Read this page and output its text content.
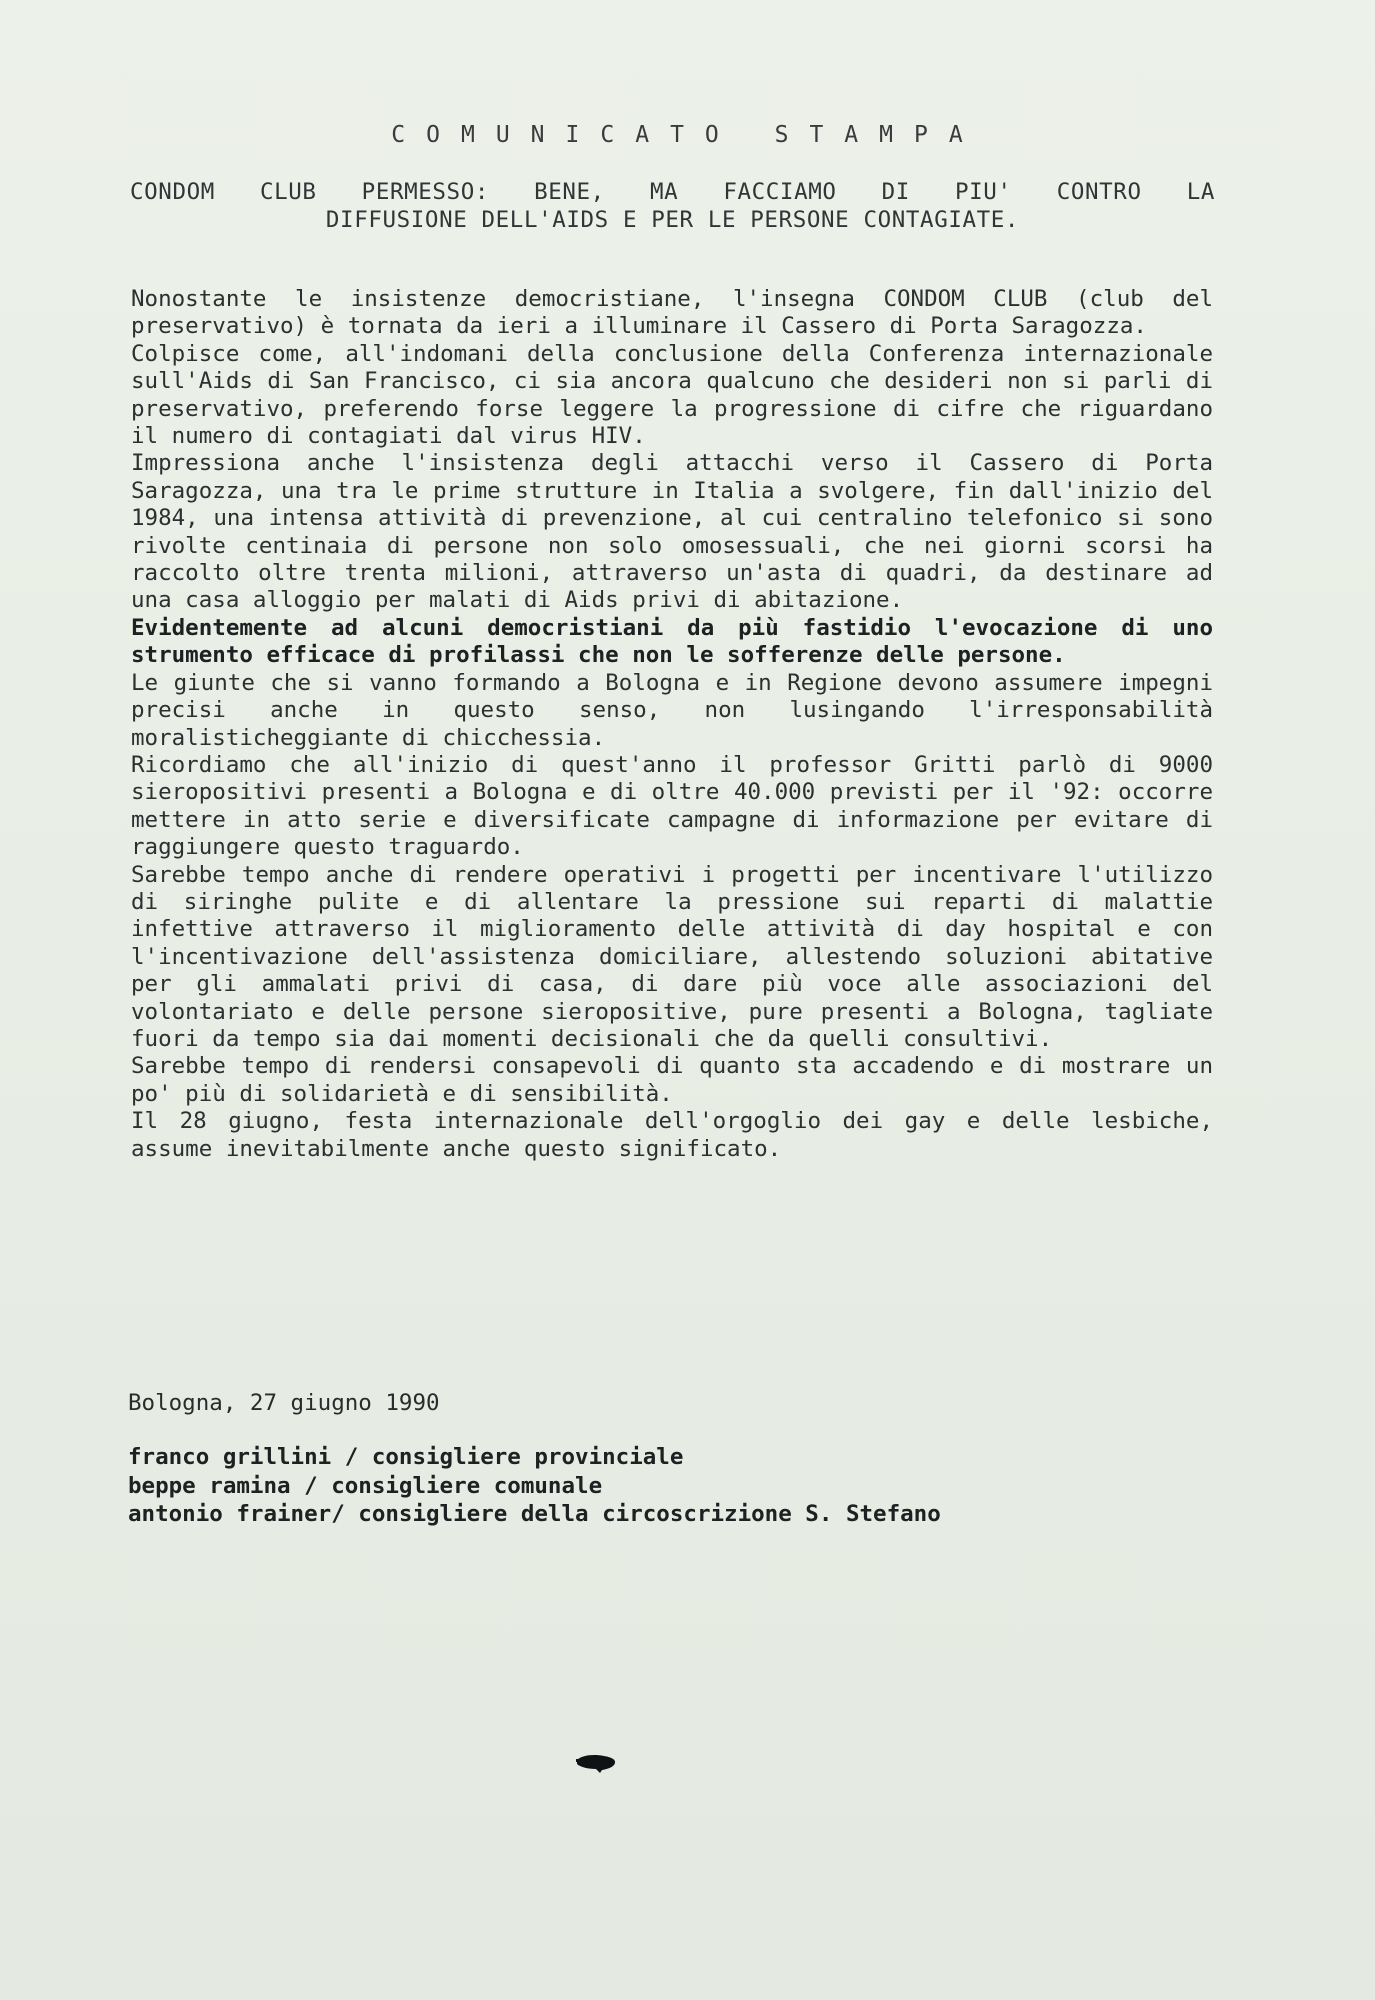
COMUNICATO STAMPA
CONDOM CLUB PERMESSO: BENE, MA FACCIAMO DI PIU' CONTRO LA
DIFFUSIONE DELL'AIDS E PER LE PERSONE CONTAGIATE.

Nonostante le insistenze democristiane, l'insegna CONDOM CLUB (club del preservativo) è tornata da ieri a illuminare il Cassero di Porta Saragozza.

Colpisce come, all'indomani della conclusione della Conferenza internazionale sull'Aids di San Francisco, ci sia ancora qualcuno che desideri non si parli di preservativo, preferendo forse leggere la progressione di cifre che riguardano il numero di contagiati dal virus HIV.

Impressiona anche l'insistenza degli attacchi verso il Cassero di Porta Saragozza, una tra le prime strutture in Italia a svolgere, fin dall'inizio del 1984, una intensa attività di prevenzione, al cui centralino telefonico si sono rivolte centinaia di persone non solo omosessuali, che nei giorni scorsi ha raccolto oltre trenta milioni, attraverso un'asta di quadri, da destinare ad una casa alloggio per malati di Aids privi di abitazione.

Evidentemente ad alcuni democristiani da più fastidio l'evocazione di uno strumento efficace di profilassi che non le sofferenze delle persone.

Le giunte che si vanno formando a Bologna e in Regione devono assumere impegni precisi anche in questo senso, non lusingando l'irresponsabilità moralisticheggiante di chicchessia.

Ricordiamo che all'inizio di quest'anno il professor Gritti parlò di 9000 sieropositivi presenti a Bologna e di oltre 40.000 previsti per il '92: occorre mettere in atto serie e diversificate campagne di informazione per evitare di raggiungere questo traguardo.

Sarebbe tempo anche di rendere operativi i progetti per incentivare l'utilizzo di siringhe pulite e di allentare la pressione sui reparti di malattie infettive attraverso il miglioramento delle attività di day hospital e con l'incentivazione dell'assistenza domiciliare, allestendo soluzioni abitative per gli ammalati privi di casa, di dare più voce alle associazioni del volontariato e delle persone sieropositive, pure presenti a Bologna, tagliate fuori da tempo sia dai momenti decisionali che da quelli consultivi.

Sarebbe tempo di rendersi consapevoli di quanto sta accadendo e di mostrare un po' più di solidarietà e di sensibilità.

Il 28 giugno, festa internazionale dell'orgoglio dei gay e delle lesbiche, assume inevitabilmente anche questo significato.

Bologna, 27 giugno 1990
franco grillini / consigliere provinciale
beppe ramina / consigliere comunale
antonio frainer/ consigliere della circoscrizione S. Stefano
